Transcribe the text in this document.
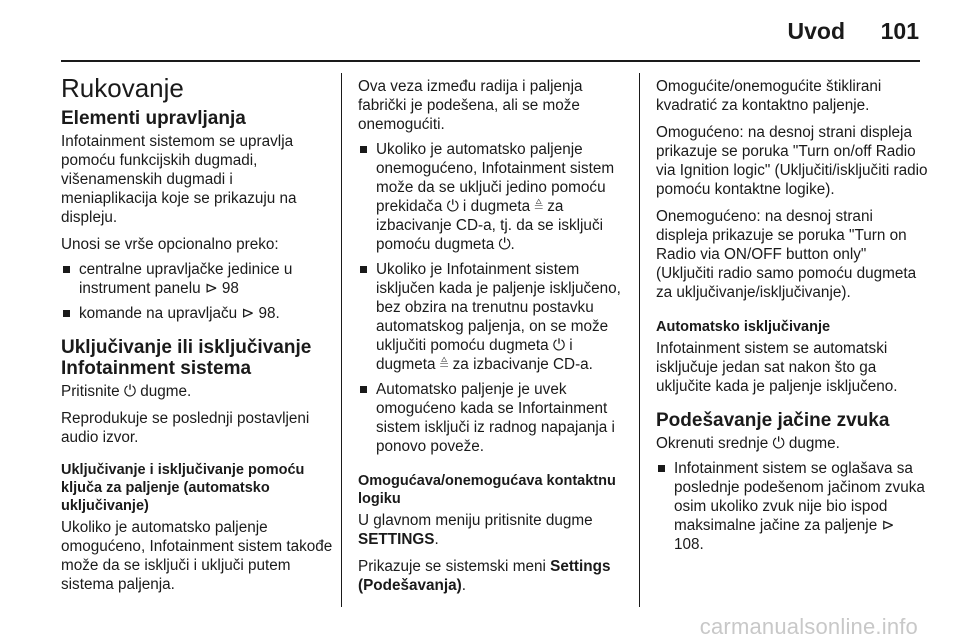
Uvod 101
Rukovanje
Elementi upravljanja

Infotainment sistemom se upravlja pomoću funkcijskih dugmadi, višenamenskih dugmadi i meniaplikacija koje se prikazuju na displeju.

Unosi se vrše opcionalno preko:

centralne upravljačke jedinice u instrument panelu ⊳ 98
komande na upravljaču ⊳ 98.
Uključivanje ili isključivanje Infotainment sistema

Pritisnite ⏻ dugme.

Reprodukuje se poslednji postavljeni audio izvor.

Uključivanje i isključivanje pomoću ključa za paljenje (automatsko uključivanje)

Ukoliko je automatsko paljenje omogućeno, Infotainment sistem takođe može da se isključi i uključi putem sistema paljenja.

Ova veza između radija i paljenja fabrički je podešena, ali se može onemogućiti.

Ukoliko je automatsko paljenje onemogućeno, Infotainment sistem može da se uključi jedino pomoću prekidača ⏻ i dugmeta ≜ za izbacivanje CD-a, tj. da se isključi pomoću dugmeta ⏻.
Ukoliko je Infotainment sistem isključen kada je paljenje isključeno, bez obzira na trenutnu postavku automatskog paljenja, on se može uključiti pomoću dugmeta ⏻ i dugmeta ≜ za izbacivanje CD-a.
Automatsko paljenje je uvek omogućeno kada se Infortainment sistem isključi iz radnog napajanja i ponovo poveže.
Omogućava/onemogućava kontaktnu logiku

U glavnom meniju pritisnite dugme SETTINGS.

Prikazuje se sistemski meni Settings (Podešavanja).

Omogućite/onemogućite štiklirani kvadratić za kontaktno paljenje.

Omogućeno: na desnoj strani displeja prikazuje se poruka "Turn on/off Radio via Ignition logic" (Uključiti/isključiti radio pomoću kontaktne logike).

Onemogućeno: na desnoj strani displeja prikazuje se poruka "Turn on Radio via ON/OFF button only" (Uključiti radio samo pomoću dugmeta za uključivanje/isključivanje).

Automatsko isključivanje

Infotainment sistem se automatski isključuje jedan sat nakon što ga uključite kada je paljenje isključeno.

Podešavanje jačine zvuka

Okrenuti srednje ⏻ dugme.

Infotainment sistem se oglašava sa poslednje podešenom jačinom zvuka osim ukoliko zvuk nije bio ispod maksimalne jačine za paljenje ⊳ 108.
carmanualsonline.info
